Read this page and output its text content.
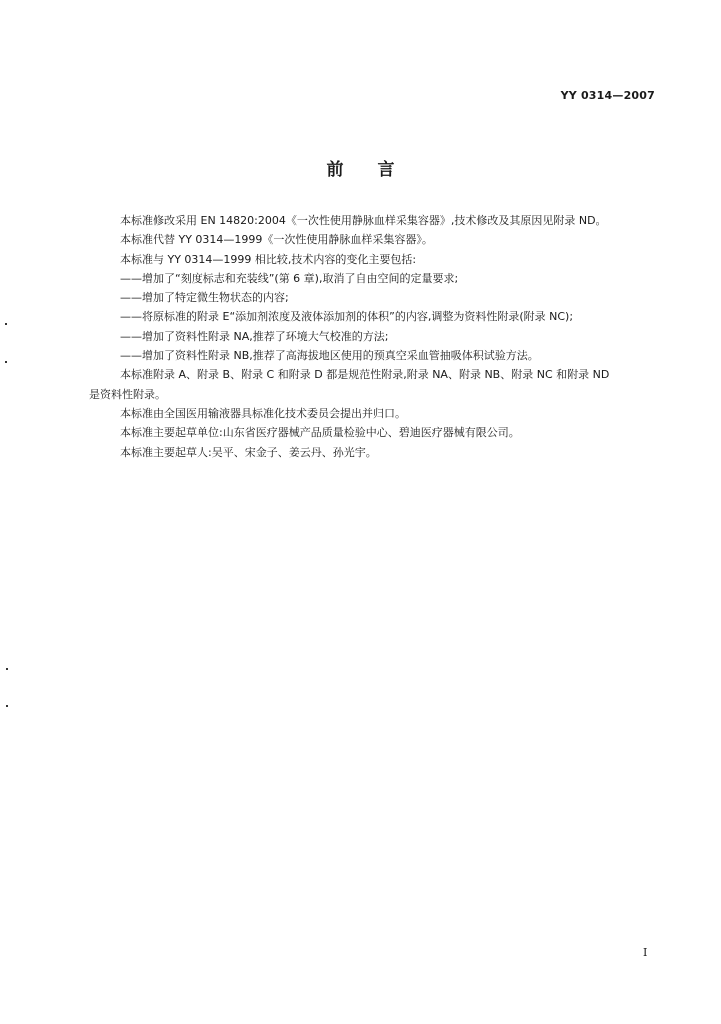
YY 0314—2007
前言

本标准修改采用 EN 14820:2004《一次性使用静脉血样采集容器》,技术修改及其原因见附录 ND。

本标准代替 YY 0314—1999《一次性使用静脉血样采集容器》。

本标准与 YY 0314—1999 相比较,技术内容的变化主要包括:

——增加了“刻度标志和充装线”(第 6 章),取消了自由空间的定量要求;

——增加了特定微生物状态的内容;

——将原标准的附录 E“添加剂浓度及液体添加剂的体积”的内容,调整为资料性附录(附录 NC);

——增加了资料性附录 NA,推荐了环境大气校准的方法;

——增加了资料性附录 NB,推荐了高海拔地区使用的预真空采血管抽吸体积试验方法。

本标准附录 A、附录 B、附录 C 和附录 D 都是规范性附录,附录 NA、附录 NB、附录 NC 和附录 ND
是资料性附录。

本标准由全国医用输液器具标准化技术委员会提出并归口。

本标准主要起草单位:山东省医疗器械产品质量检验中心、碧迪医疗器械有限公司。

本标准主要起草人:吴平、宋金子、姜云丹、孙光宇。

I
